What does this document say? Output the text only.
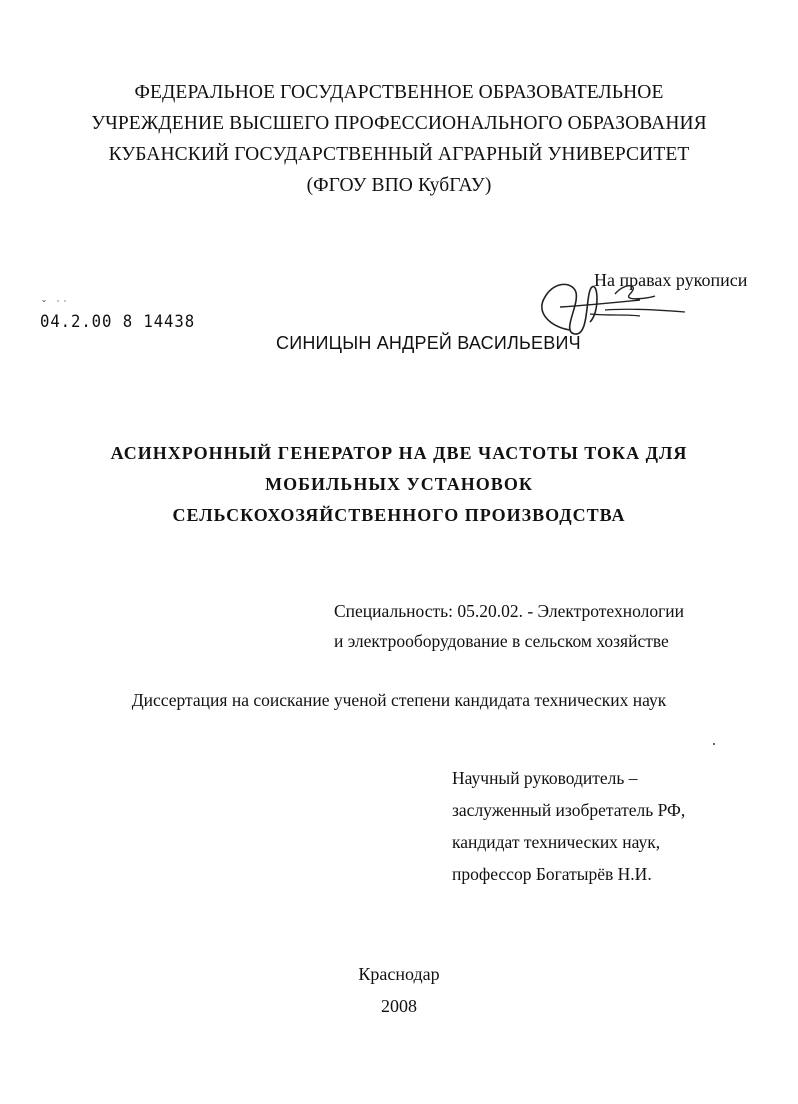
ФЕДЕРАЛЬНОЕ ГОСУДАРСТВЕННОЕ ОБРАЗОВАТЕЛЬНОЕ
УЧРЕЖДЕНИЕ ВЫСШЕГО ПРОФЕССИОНАЛЬНОГО ОБРАЗОВАНИЯ
КУБАНСКИЙ ГОСУДАРСТВЕННЫЙ АГРАРНЫЙ УНИВЕРСИТЕТ
(ФГОУ ВПО КубГАУ)
˘ ˙˙
04.2.00 8 14438
На правах рукописи
СИНИЦЫН АНДРЕЙ ВАСИЛЬЕВИЧ
АСИНХРОННЫЙ ГЕНЕРАТОР НА ДВЕ ЧАСТОТЫ ТОКА ДЛЯ
МОБИЛЬНЫХ УСТАНОВОК
СЕЛЬСКОХОЗЯЙСТВЕННОГО ПРОИЗВОДСТВА
Специальность: 05.20.02. - Электротехнологии
и электрооборудование в сельском хозяйстве
Диссертация на соискание ученой степени кандидата технических наук
Научный руководитель –
заслуженный изобретатель РФ,
кандидат технических наук,
профессор Богатырёв Н.И.
Краснодар
2008
